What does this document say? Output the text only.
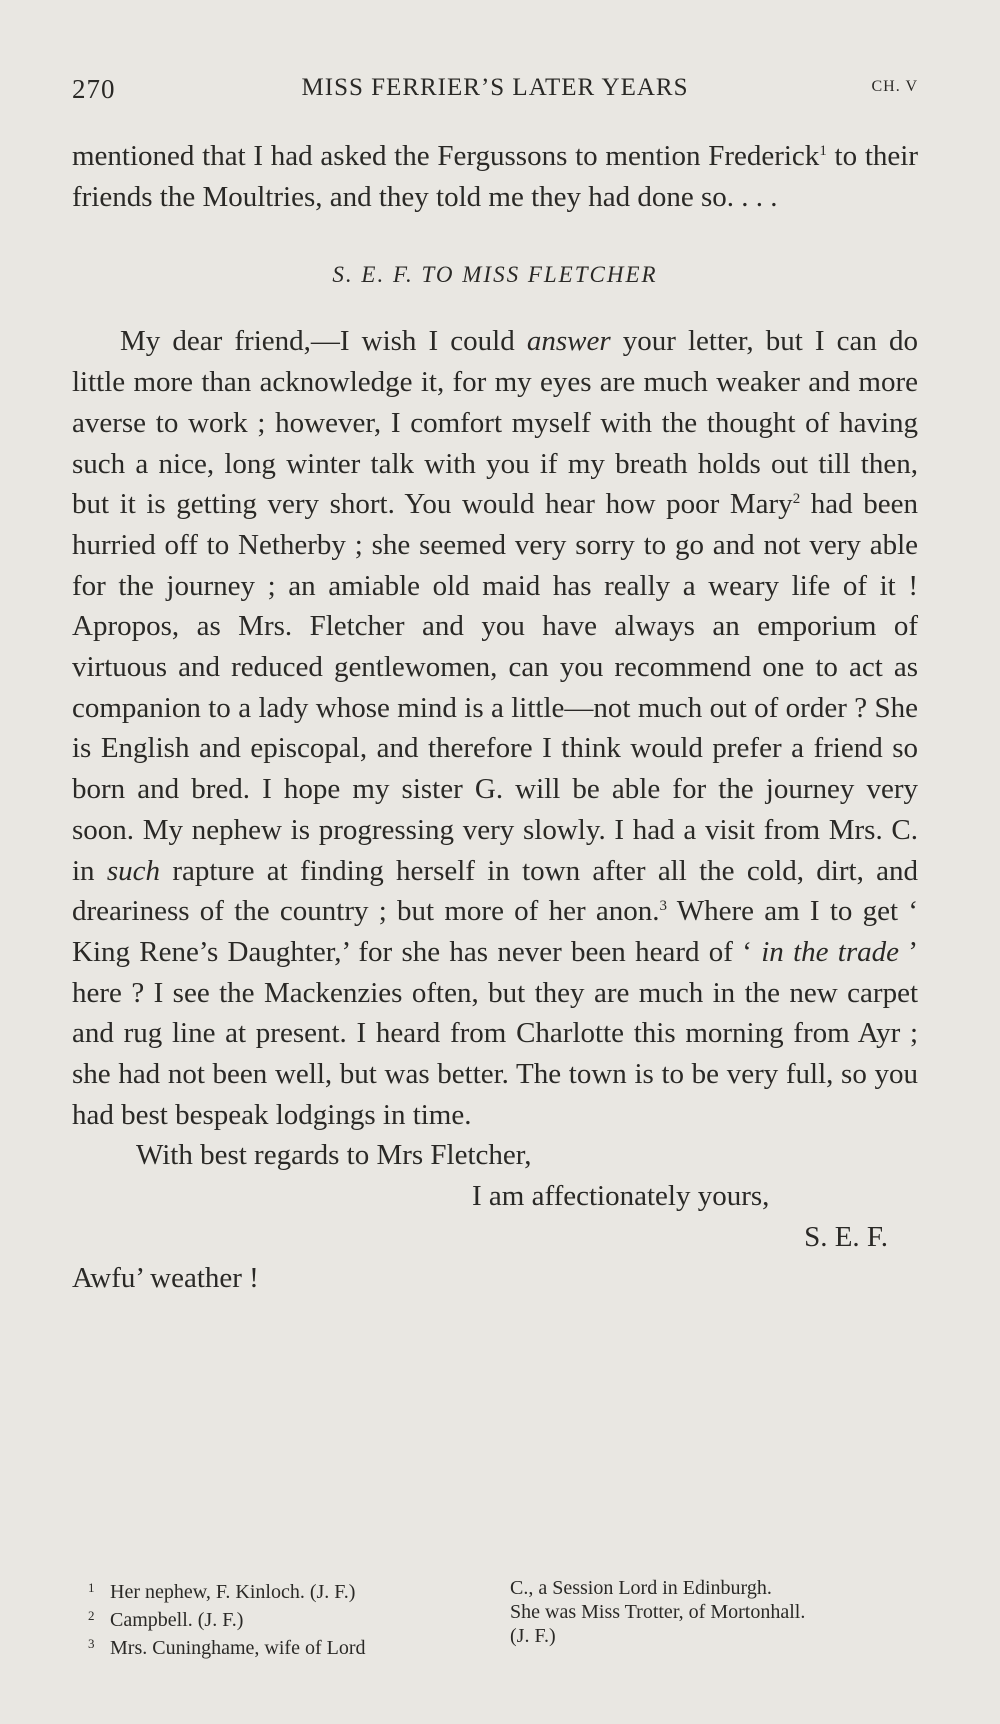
270	MISS FERRIER’S LATER YEARS	CH. V

mentioned that I had asked the Fergussons to mention Frederick$^1$ to their friends the Moultries, and they told me they had done so. . . .

S. E. F. TO MISS FLETCHER

My dear friend,—I wish I could answer your letter, but I can do little more than acknowledge it, for my eyes are much weaker and more averse to work ; however, I comfort myself with the thought of having such a nice, long winter talk with you if my breath holds out till then, but it is getting very short. You would hear how poor Mary$^2$ had been hurried off to Netherby ; she seemed very sorry to go and not very able for the journey ; an amiable old maid has really a weary life of it ! Apropos, as Mrs. Fletcher and you have always an emporium of virtuous and reduced gentlewomen, can you recommend one to act as companion to a lady whose mind is a little—not much out of order ? She is English and episcopal, and therefore I think would prefer a friend so born and bred. I hope my sister G. will be able for the journey very soon. My nephew is progressing very slowly. I had a visit from Mrs. C. in such rapture at finding herself in town after all the cold, dirt, and dreariness of the country ; but more of her anon.$^3$ Where am I to get ‘ King Rene’s Daughter,’ for she has never been heard of ‘ in the trade ’ here ? I see the Mackenzies often, but they are much in the new carpet and rug line at present. I heard from Charlotte this morning from Ayr ; she had not been well, but was better. The town is to be very full, so you had best bespeak lodgings in time.

With best regards to Mrs Fletcher,

I am affectionately yours,

S. E. F.

Awfu’ weather !

1 Her nephew, F. Kinloch. (J. F.)

2 Campbell. (J. F.)

3 Mrs. Cuninghame, wife of Lord

C., a Session Lord in Edinburgh.

She was Miss Trotter, of Mortonhall.

(J. F.)
